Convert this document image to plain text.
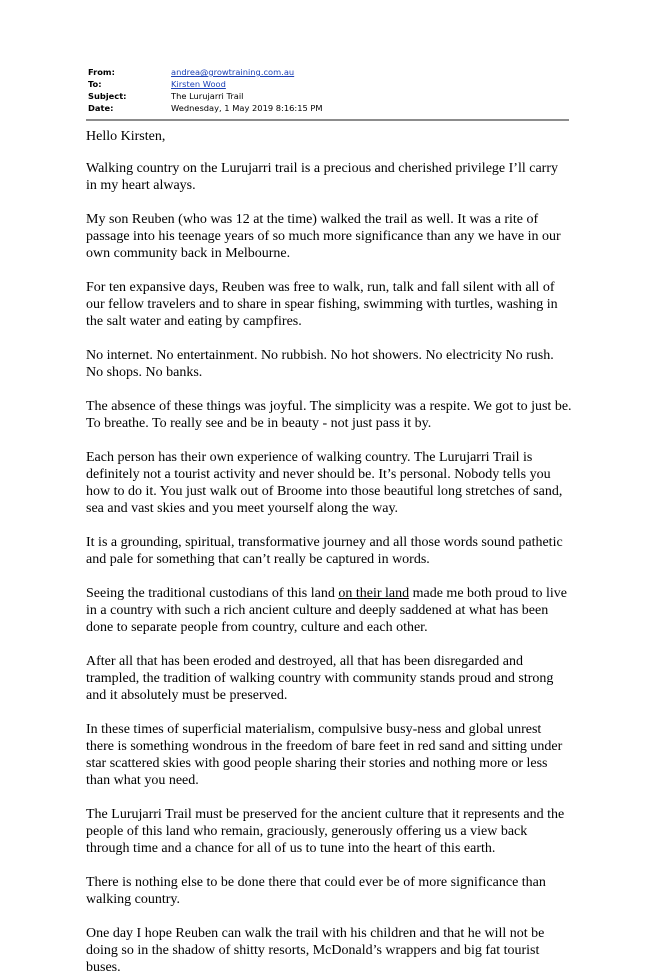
From:	andrea@growtraining.com.au
To:	Kirsten Wood
Subject:	The Lurujarri Trail
Date:	Wednesday, 1 May 2019 8:16:15 PM

Hello Kirsten,

Walking country on the Lurujarri trail is a precious and cherished privilege I’ll carry in my heart always.

My son Reuben (who was 12 at the time) walked the trail as well. It was a rite of passage into his teenage years of so much more significance than any we have in our own community back in Melbourne.

For ten expansive days, Reuben was free to walk, run, talk and fall silent with all of our fellow travelers and to share in spear fishing, swimming with turtles, washing in the salt water and eating by campfires.

No internet. No entertainment. No rubbish. No hot showers. No electricity No rush. No shops. No banks.

The absence of these things was joyful. The simplicity was a respite. We got to just be. To breathe. To really see and be in beauty - not just pass it by.

Each person has their own experience of walking country. The Lurujarri Trail is definitely not a tourist activity and never should be. It’s personal. Nobody tells you how to do it. You just walk out of Broome into those beautiful long stretches of sand, sea and vast skies and you meet yourself along the way.

It is a grounding, spiritual, transformative journey and all those words sound pathetic and pale for something that can’t really be captured in words.

Seeing the traditional custodians of this land on their land made me both proud to live in a country with such a rich ancient culture and deeply saddened at what has been done to separate people from country, culture and each other.

After all that has been eroded and destroyed, all that has been disregarded and trampled, the tradition of walking country with community stands proud and strong and it absolutely must be preserved.

In these times of superficial materialism, compulsive busy-ness and global unrest there is something wondrous in the freedom of bare feet in red sand and sitting under star scattered skies with good people sharing their stories and nothing more or less than what you need.

The Lurujarri Trail must be preserved for the ancient culture that it represents and the people of this land who remain, graciously, generously offering us a view back through time and a chance for all of us to tune into the heart of this earth.

There is nothing else to be done there that could ever be of more significance than walking country.

One day I hope Reuben can walk the trail with his children and that he will not be doing so in the shadow of shitty resorts, McDonald’s wrappers and big fat tourist buses.
